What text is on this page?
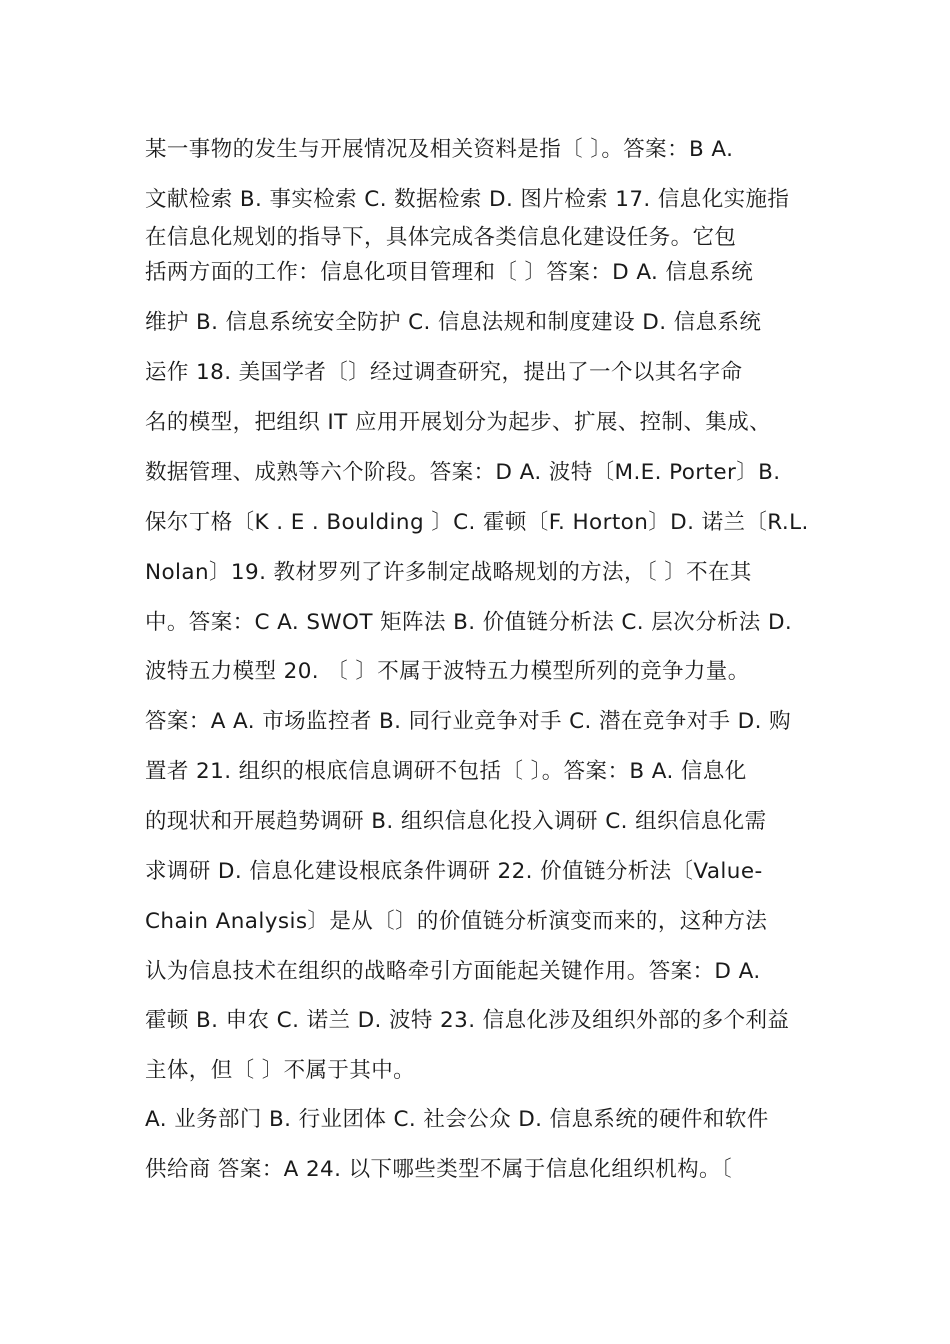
某一事物的发生与开展情况及相关资料是指〔 〕。答案：B A.
文献检索 B. 事实检索 C. 数据检索 D. 图片检索 17. 信息化实施指
在信息化规划的指导下，具体完成各类信息化建设任务。它包
括两方面的工作：信息化项目管理和〔 〕答案：D A. 信息系统
维护 B. 信息系统安全防护 C. 信息法规和制度建设 D. 信息系统
运作 18. 美国学者〔〕经过调查研究，提出了一个以其名字命
名的模型，把组织 IT 应用开展划分为起步、扩展、控制、集成、
数据管理、成熟等六个阶段。答案：D A. 波特〔M.E. Porter〕B.
保尔丁格〔K . E . Boulding 〕C. 霍顿〔F. Horton〕D. 诺兰〔R.L.
Nolan〕19. 教材罗列了许多制定战略规划的方法，〔 〕不在其
中。答案：C A. SWOT 矩阵法 B. 价值链分析法 C. 层次分析法 D.
波特五力模型 20. 〔 〕不属于波特五力模型所列的竞争力量。
答案：A A. 市场监控者 B. 同行业竞争对手 C. 潜在竞争对手 D. 购
置者 21. 组织的根底信息调研不包括〔 〕。答案：B A. 信息化
的现状和开展趋势调研 B. 组织信息化投入调研 C. 组织信息化需
求调研 D. 信息化建设根底条件调研 22. 价值链分析法〔Value-
Chain Analysis〕是从〔〕的价值链分析演变而来的，这种方法
认为信息技术在组织的战略牵引方面能起关键作用。答案：D A.
霍顿 B. 申农 C. 诺兰 D. 波特 23. 信息化涉及组织外部的多个利益
主体，但〔 〕不属于其中。
A. 业务部门 B. 行业团体 C. 社会公众 D. 信息系统的硬件和软件
供给商 答案：A 24. 以下哪些类型不属于信息化组织机构。〔
